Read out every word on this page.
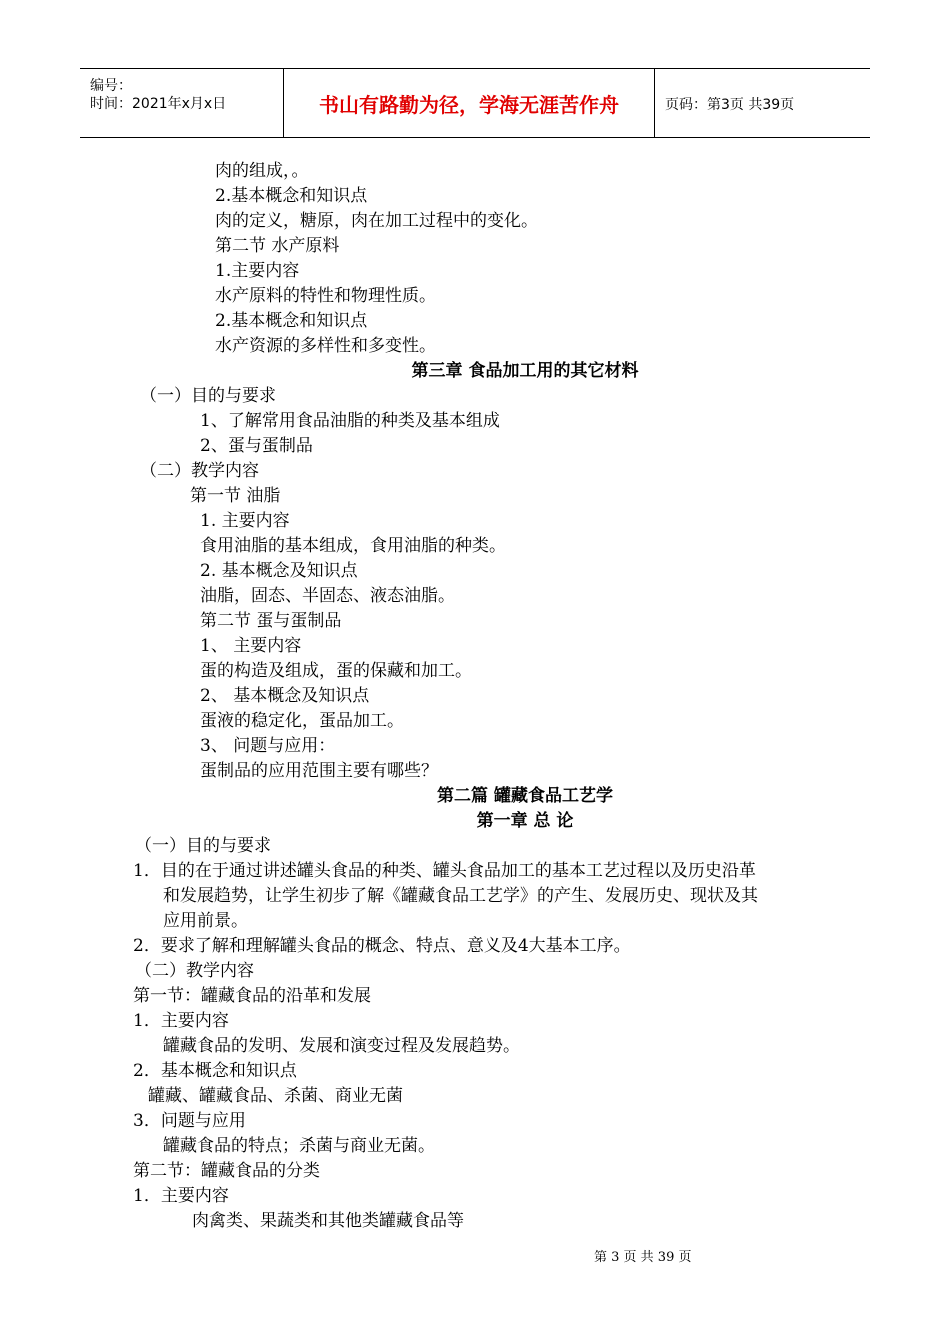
编号：
时间：2021年x月x日	书山有路勤为径，学海无涯苦作舟	页码：第3页 共39页
肉的组成，。
2.基本概念和知识点
肉的定义，糖原，肉在加工过程中的变化。
第二节 水产原料
1.主要内容
水产原料的特性和物理性质。
2.基本概念和知识点
水产资源的多样性和多变性。
第三章 食品加工用的其它材料
（一）目的与要求
1、了解常用食品油脂的种类及基本组成
2、蛋与蛋制品
（二）教学内容
第一节 油脂
1. 主要内容
食用油脂的基本组成，食用油脂的种类。
2. 基本概念及知识点
油脂，固态、半固态、液态油脂。
第二节 蛋与蛋制品
1、 主要内容
蛋的构造及组成，蛋的保藏和加工。
2、 基本概念及知识点
蛋液的稳定化，蛋品加工。
3、 问题与应用：
蛋制品的应用范围主要有哪些？
第二篇 罐藏食品工艺学
第一章 总 论
（一）目的与要求
1．目的在于通过讲述罐头食品的种类、罐头食品加工的基本工艺过程以及历史沿革
和发展趋势，让学生初步了解《罐藏食品工艺学》的产生、发展历史、现状及其
应用前景。
2．要求了解和理解罐头食品的概念、特点、意义及4大基本工序。
（二）教学内容
第一节：罐藏食品的沿革和发展
1．主要内容
罐藏食品的发明、发展和演变过程及发展趋势。
2．基本概念和知识点
罐藏、罐藏食品、杀菌、商业无菌
3．问题与应用
罐藏食品的特点；杀菌与商业无菌。
第二节：罐藏食品的分类
1．主要内容
肉禽类、果蔬类和其他类罐藏食品等
第 3 页 共 39 页
